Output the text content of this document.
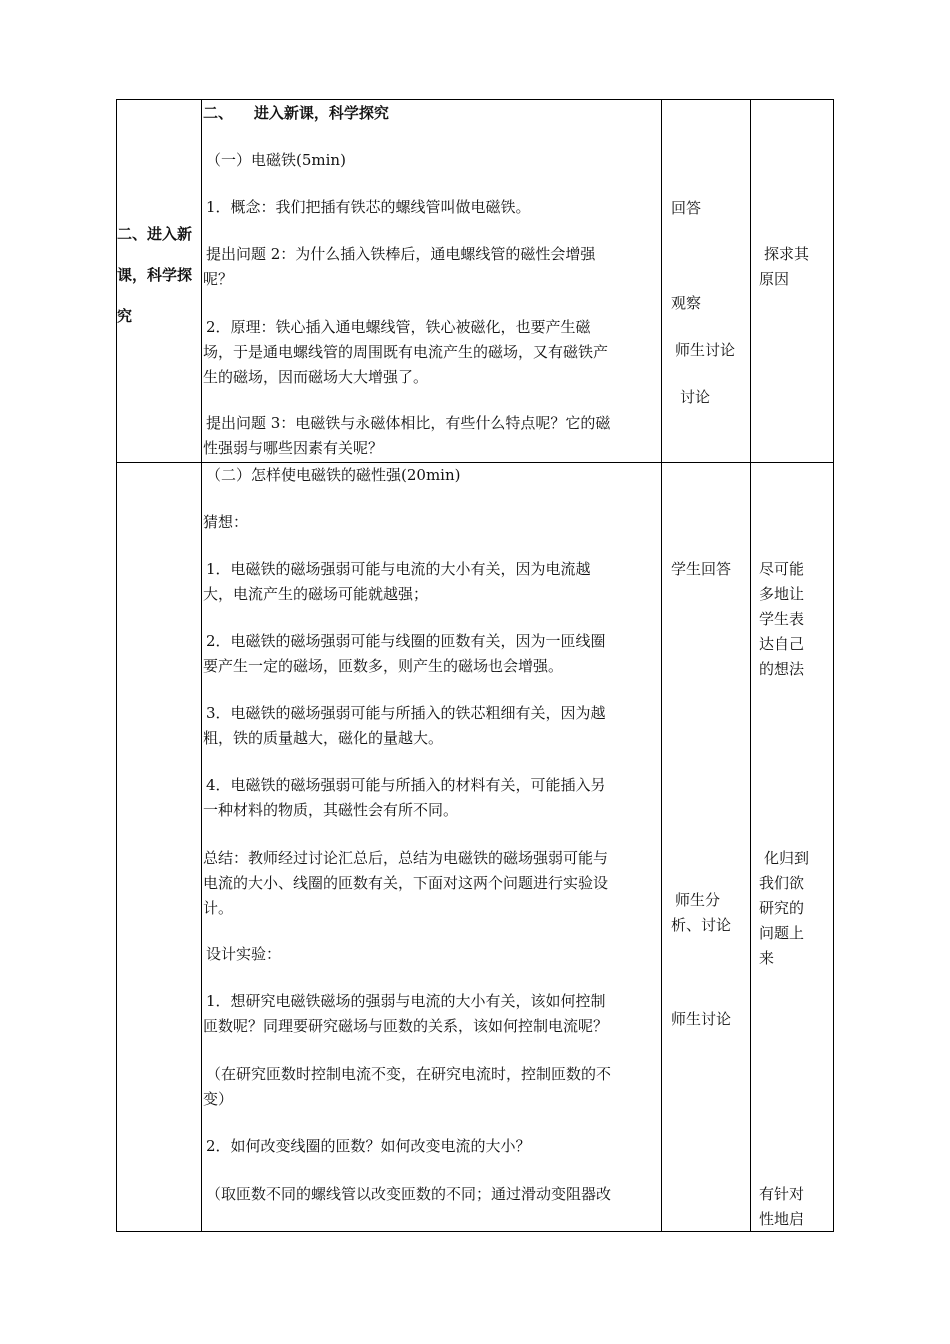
二、进入新
课，科学探
究
二、    进入新课，科学探究
（一）电磁铁(5min)
1．概念：我们把插有铁芯的螺线管叫做电磁铁。
提出问题 2：为什么插入铁棒后，通电螺线管的磁性会增强
呢？
2．原理：铁心插入通电螺线管，铁心被磁化，也要产生磁
场，于是通电螺线管的周围既有电流产生的磁场，又有磁铁产
生的磁场，因而磁场大大增强了。
提出问题 3：电磁铁与永磁体相比，有些什么特点呢？它的磁
性强弱与哪些因素有关呢？
回答
观察
师生讨论
讨论
探求其
原因
（二）怎样使电磁铁的磁性强(20min)
猜想：
1．电磁铁的磁场强弱可能与电流的大小有关，因为电流越
大，电流产生的磁场可能就越强；
2．电磁铁的磁场强弱可能与线圈的匝数有关，因为一匝线圈
要产生一定的磁场，匝数多，则产生的磁场也会增强。
3．电磁铁的磁场强弱可能与所插入的铁芯粗细有关，因为越
粗，铁的质量越大，磁化的量越大。
4．电磁铁的磁场强弱可能与所插入的材料有关，可能插入另
一种材料的物质，其磁性会有所不同。
总结：教师经过讨论汇总后，总结为电磁铁的磁场强弱可能与
电流的大小、线圈的匝数有关，下面对这两个问题进行实验设
计。
设计实验：
1．想研究电磁铁磁场的强弱与电流的大小有关，该如何控制
匝数呢？同理要研究磁场与匝数的关系，该如何控制电流呢？
（在研究匝数时控制电流不变，在研究电流时，控制匝数的不
变）
2．如何改变线圈的匝数？如何改变电流的大小？
（取匝数不同的螺线管以改变匝数的不同；通过滑动变阻器改
学生回答
师生分
析、讨论
师生讨论
尽可能
多地让
学生表
达自己
的想法
化归到
我们欲
研究的
问题上
来
有针对
性地启
